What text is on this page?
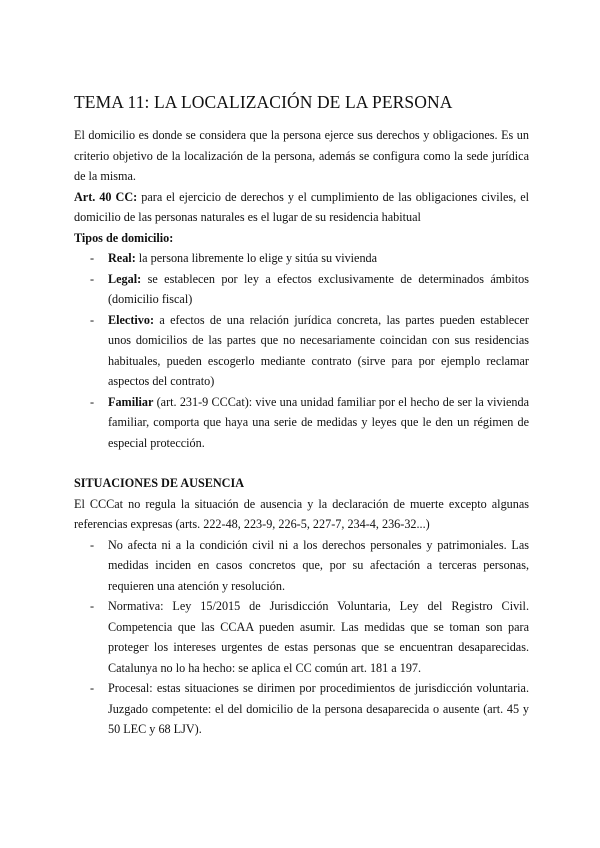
TEMA 11: LA LOCALIZACIÓN DE LA PERSONA

El domicilio es donde se considera que la persona ejerce sus derechos y obligaciones. Es un criterio objetivo de la localización de la persona, además se configura como la sede jurídica de la misma.

Art. 40 CC: para el ejercicio de derechos y el cumplimiento de las obligaciones civiles, el domicilio de las personas naturales es el lugar de su residencia habitual

Tipos de domicilio:
- Real: la persona libremente lo elige y sitúa su vivienda
- Legal: se establecen por ley a efectos exclusivamente de determinados ámbitos (domicilio fiscal)
- Electivo: a efectos de una relación jurídica concreta, las partes pueden establecer unos domicilios de las partes que no necesariamente coincidan con sus residencias habituales, pueden escogerlo mediante contrato (sirve para por ejemplo reclamar aspectos del contrato)
- Familiar (art. 231-9 CCCat): vive una unidad familiar por el hecho de ser la vivienda familiar, comporta que haya una serie de medidas y leyes que le den un régimen de especial protección.
SITUACIONES DE AUSENCIA

El CCCat no regula la situación de ausencia y la declaración de muerte excepto algunas referencias expresas (arts. 222-48, 223-9, 226-5, 227-7, 234-4, 236-32...)

- No afecta ni a la condición civil ni a los derechos personales y patrimoniales. Las medidas inciden en casos concretos que, por su afectación a terceras personas, requieren una atención y resolución.
- Normativa: Ley 15/2015 de Jurisdicción Voluntaria, Ley del Registro Civil. Competencia que las CCAA pueden asumir. Las medidas que se toman son para proteger los intereses urgentes de estas personas que se encuentran desaparecidas. Catalunya no lo ha hecho: se aplica el CC común art. 181 a 197.
- Procesal: estas situaciones se dirimen por procedimientos de jurisdicción voluntaria. Juzgado competente: el del domicilio de la persona desaparecida o ausente (art. 45 y 50 LEC y 68 LJV).
